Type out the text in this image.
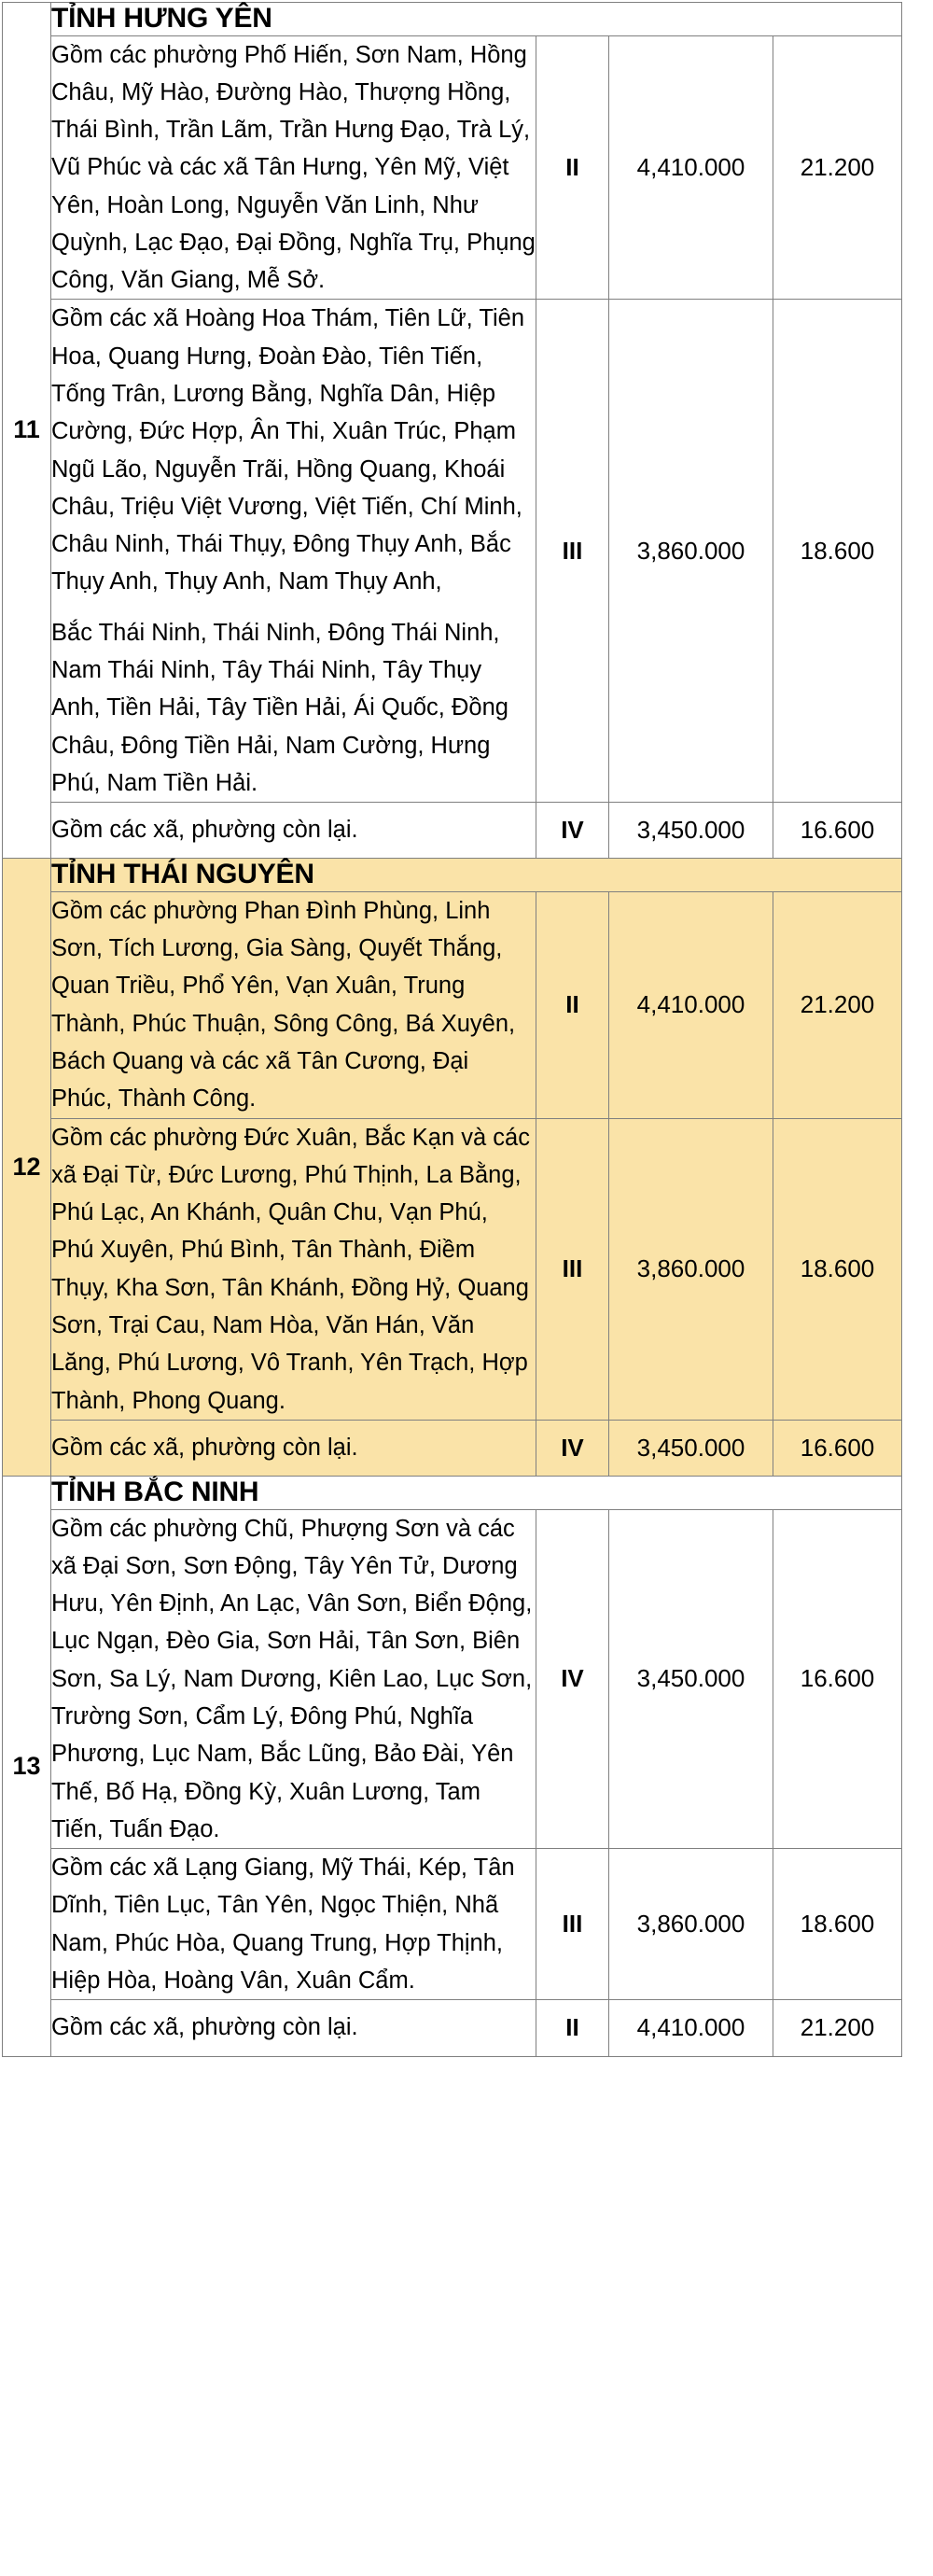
11	TỈNH HƯNG YÊN			

	Gồm các phường Phố Hiến, Sơn Nam, Hồng Châu, Mỹ Hào, Đường Hào, Thượng Hồng, Thái Bình, Trần Lãm, Trần Hưng Đạo, Trà Lý, Vũ Phúc và các xã Tân Hưng, Yên Mỹ, Việt Yên, Hoàn Long, Nguyễn Văn Linh, Như Quỳnh, Lạc Đạo, Đại Đồng, Nghĩa Trụ, Phụng Công, Văn Giang, Mễ Sở.	II	4,410.000	21.200

	Gồm các xã Hoàng Hoa Thám, Tiên Lữ, Tiên Hoa, Quang Hưng, Đoàn Đào, Tiên Tiến, Tống Trân, Lương Bằng, Nghĩa Dân, Hiệp Cường, Đức Hợp, Ân Thi, Xuân Trúc, Phạm Ngũ Lão, Nguyễn Trãi, Hồng Quang, Khoái Châu, Triệu Việt Vương, Việt Tiến, Chí Minh, Châu Ninh, Thái Thụy, Đông Thụy Anh, Bắc Thụy Anh, Thụy Anh, Nam Thụy Anh,

Bắc Thái Ninh, Thái Ninh, Đông Thái Ninh, Nam Thái Ninh, Tây Thái Ninh, Tây Thụy Anh, Tiền Hải, Tây Tiền Hải, Ái Quốc, Đồng Châu, Đông Tiền Hải, Nam Cường, Hưng Phú, Nam Tiền Hải.	III	3,860.000	18.600

	Gồm các xã, phường còn lại.	IV	3,450.000	16.600
12	TỈNH THÁI NGUYÊN			

	Gồm các phường Phan Đình Phùng, Linh Sơn, Tích Lương, Gia Sàng, Quyết Thắng, Quan Triều, Phổ Yên, Vạn Xuân, Trung Thành, Phúc Thuận, Sông Công, Bá Xuyên, Bách Quang và các xã Tân Cương, Đại Phúc, Thành Công.	II	4,410.000	21.200

	Gồm các phường Đức Xuân, Bắc Kạn và các xã Đại Từ, Đức Lương, Phú Thịnh, La Bằng, Phú Lạc, An Khánh, Quân Chu, Vạn Phú, Phú Xuyên, Phú Bình, Tân Thành, Điềm Thụy, Kha Sơn, Tân Khánh, Đồng Hỷ, Quang Sơn, Trại Cau, Nam Hòa, Văn Hán, Văn Lăng, Phú Lương, Vô Tranh, Yên Trạch, Hợp Thành, Phong Quang.	III	3,860.000	18.600

	Gồm các xã, phường còn lại.	IV	3,450.000	16.600
13	TỈNH BẮC NINH			

	Gồm các phường Chũ, Phượng Sơn và các xã Đại Sơn, Sơn Động, Tây Yên Tử, Dương Hưu, Yên Định, An Lạc, Vân Sơn, Biển Động, Lục Ngạn, Đèo Gia, Sơn Hải, Tân Sơn, Biên Sơn, Sa Lý, Nam Dương, Kiên Lao, Lục Sơn, Trường Sơn, Cẩm Lý, Đông Phú, Nghĩa Phương, Lục Nam, Bắc Lũng, Bảo Đài, Yên Thế, Bố Hạ, Đồng Kỳ, Xuân Lương, Tam Tiến, Tuấn Đạo.	IV	3,450.000	16.600

	Gồm các xã Lạng Giang, Mỹ Thái, Kép, Tân Dĩnh, Tiên Lục, Tân Yên, Ngọc Thiện, Nhã Nam, Phúc Hòa, Quang Trung, Hợp Thịnh, Hiệp Hòa, Hoàng Vân, Xuân Cẩm.	III	3,860.000	18.600

	Gồm các xã, phường còn lại.	II	4,410.000	21.200
